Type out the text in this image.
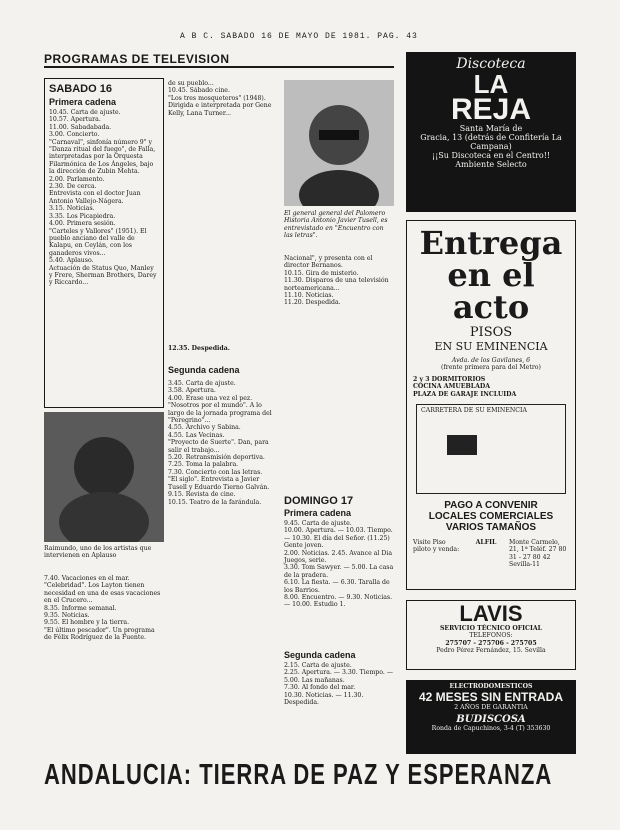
A B C. SABADO 16 DE MAYO DE 1981. PAG. 43
PROGRAMAS DE TELEVISION
SABADO 16
Primera cadena

10.45. Carta de ajuste.

10.57. Apertura.

11.00. Sabadabada.

3.00. Concierto.

"Carnaval", sinfonía número 9" y "Danza ritual del fuego", de Falla, interpretadas por la Orquesta Filarmónica de Los Ángeles, bajo la dirección de Zubin Mehta.

2.00. Parlamento.

2.30. De cerca.

Entrevista con el doctor Juan Antonio Vallejo-Nágera.

3.15. Noticias.

3.35. Los Picapiedra.

4.00. Primera sesión.

"Carteles y Vallores" (1951). El pueblo anciano del valle de Kalapu, en Ceylán, con los ganaderos vivos...

5.40. Aplauso.

Actuación de Status Quo, Manley y Frere, Sherman Brothers, Darey y Riccardo...

Raimundo, uno de los artistas que intervienen en Aplauso

7.40. Vacaciones en el mar.

"Celebridad". Los Layton tienen necesidad en una de esas vacaciones en el Crucero...

8.35. Informe semanal.

9.35. Noticias.

9.55. El hombre y la tierra.

"El último pescador". Un programa de Félix Rodríguez de la Fuente.

de su pueblo...

10.45. Sábado cine.

"Los tres mosqueteros" (1948). Dirigida e interpretada por Gene Kelly, Lana Turner...

12.35. Despedida.
Segunda cadena

3.45. Carta de ajuste.

3.58. Apertura.

4.00. Erase una vez el pez.

"Nosotros por el mundo". A lo largo de la jornada programa del "Peregrino"...

4.55. Archivo y Sabina.

4.55. Las Vecinas.

"Proyecto de Suerte". Dan, para salir el trabajo...

5.20. Retransmisión deportiva.

7.25. Toma la palabra.

7.30. Concierto con las letras.

"El siglo". Entrevista a Javier Tusell y Eduardo Tierno Galván.

9.15. Revista de cine.

10.15. Teatro de la farándula.

El general general del Palomero Historia Antonio Javier Tusell, es entrevistado en "Encuentro con las letras".

Nacional", y presenta con el director Bernanos.

10.15. Gira de misterio.

11.30. Disparos de una televisión norteamericana...

11.10. Noticias.

11.20. Despedida.

DOMINGO 17
Primera cadena

9.45. Carta de ajuste.

10.00. Apertura. — 10.03. Tiempo. — 10.30. El día del Señor. (11.25) Gente joven.

2.00. Noticias. 2.45. Avance al Dia Juegos, serie.

3.30. Tom Sawyer. — 5.00. La casa de la pradera.

6.10. La fiesta. — 6.30. Taralla de los Barrios.

8.00. Encuentro. — 9.30. Noticias. — 10.00. Estudio 1.

Segunda cadena

2.15. Carta de ajuste.

2.25. Apertura. — 3.30. Tiempo. — 5.00. Las mañanas.

7.30. Al fondo del mar.

10.30. Noticias. — 11.30. Despedida.

Discoteca
LA
REJA
Santa María de
Gracia, 13 (detrás de Confitería La Campana)
¡¡Su Discoteca en el Centro!!
Ambiente Selecto
Entrega
en el acto
PISOS
EN SU EMINENCIA
Avda. de los Gavilanes, 6
(frente primera para del Metro)
2 y 3 DORMITORIOS
COCINA AMUEBLADA
PLAZA DE GARAJE INCLUIDA
CARRETERA DE SU EMINENCIA
PAGO A CONVENIR
LOCALES COMERCIALES
VARIOS TAMAÑOS
Visite Piso piloto y venda:
ALFIL	Monte Carmelo, 21, 1ª Teléf. 27 80 31 - 27 80 42 Sevilla-11
LAVIS
SERVICIO TÉCNICO OFICIAL
TELEFONOS:
275707 - 275706 - 275705
Pedro Pérez Fernández, 15. Sevilla
ELECTRODOMESTICOS
42 MESES SIN ENTRADA
2 AÑOS DE GARANTIA
BUDISCOSA
Ronda de Capuchinos, 3-4 (T) 353630
ANDALUCIA: TIERRA DE PAZ Y ESPERANZA
